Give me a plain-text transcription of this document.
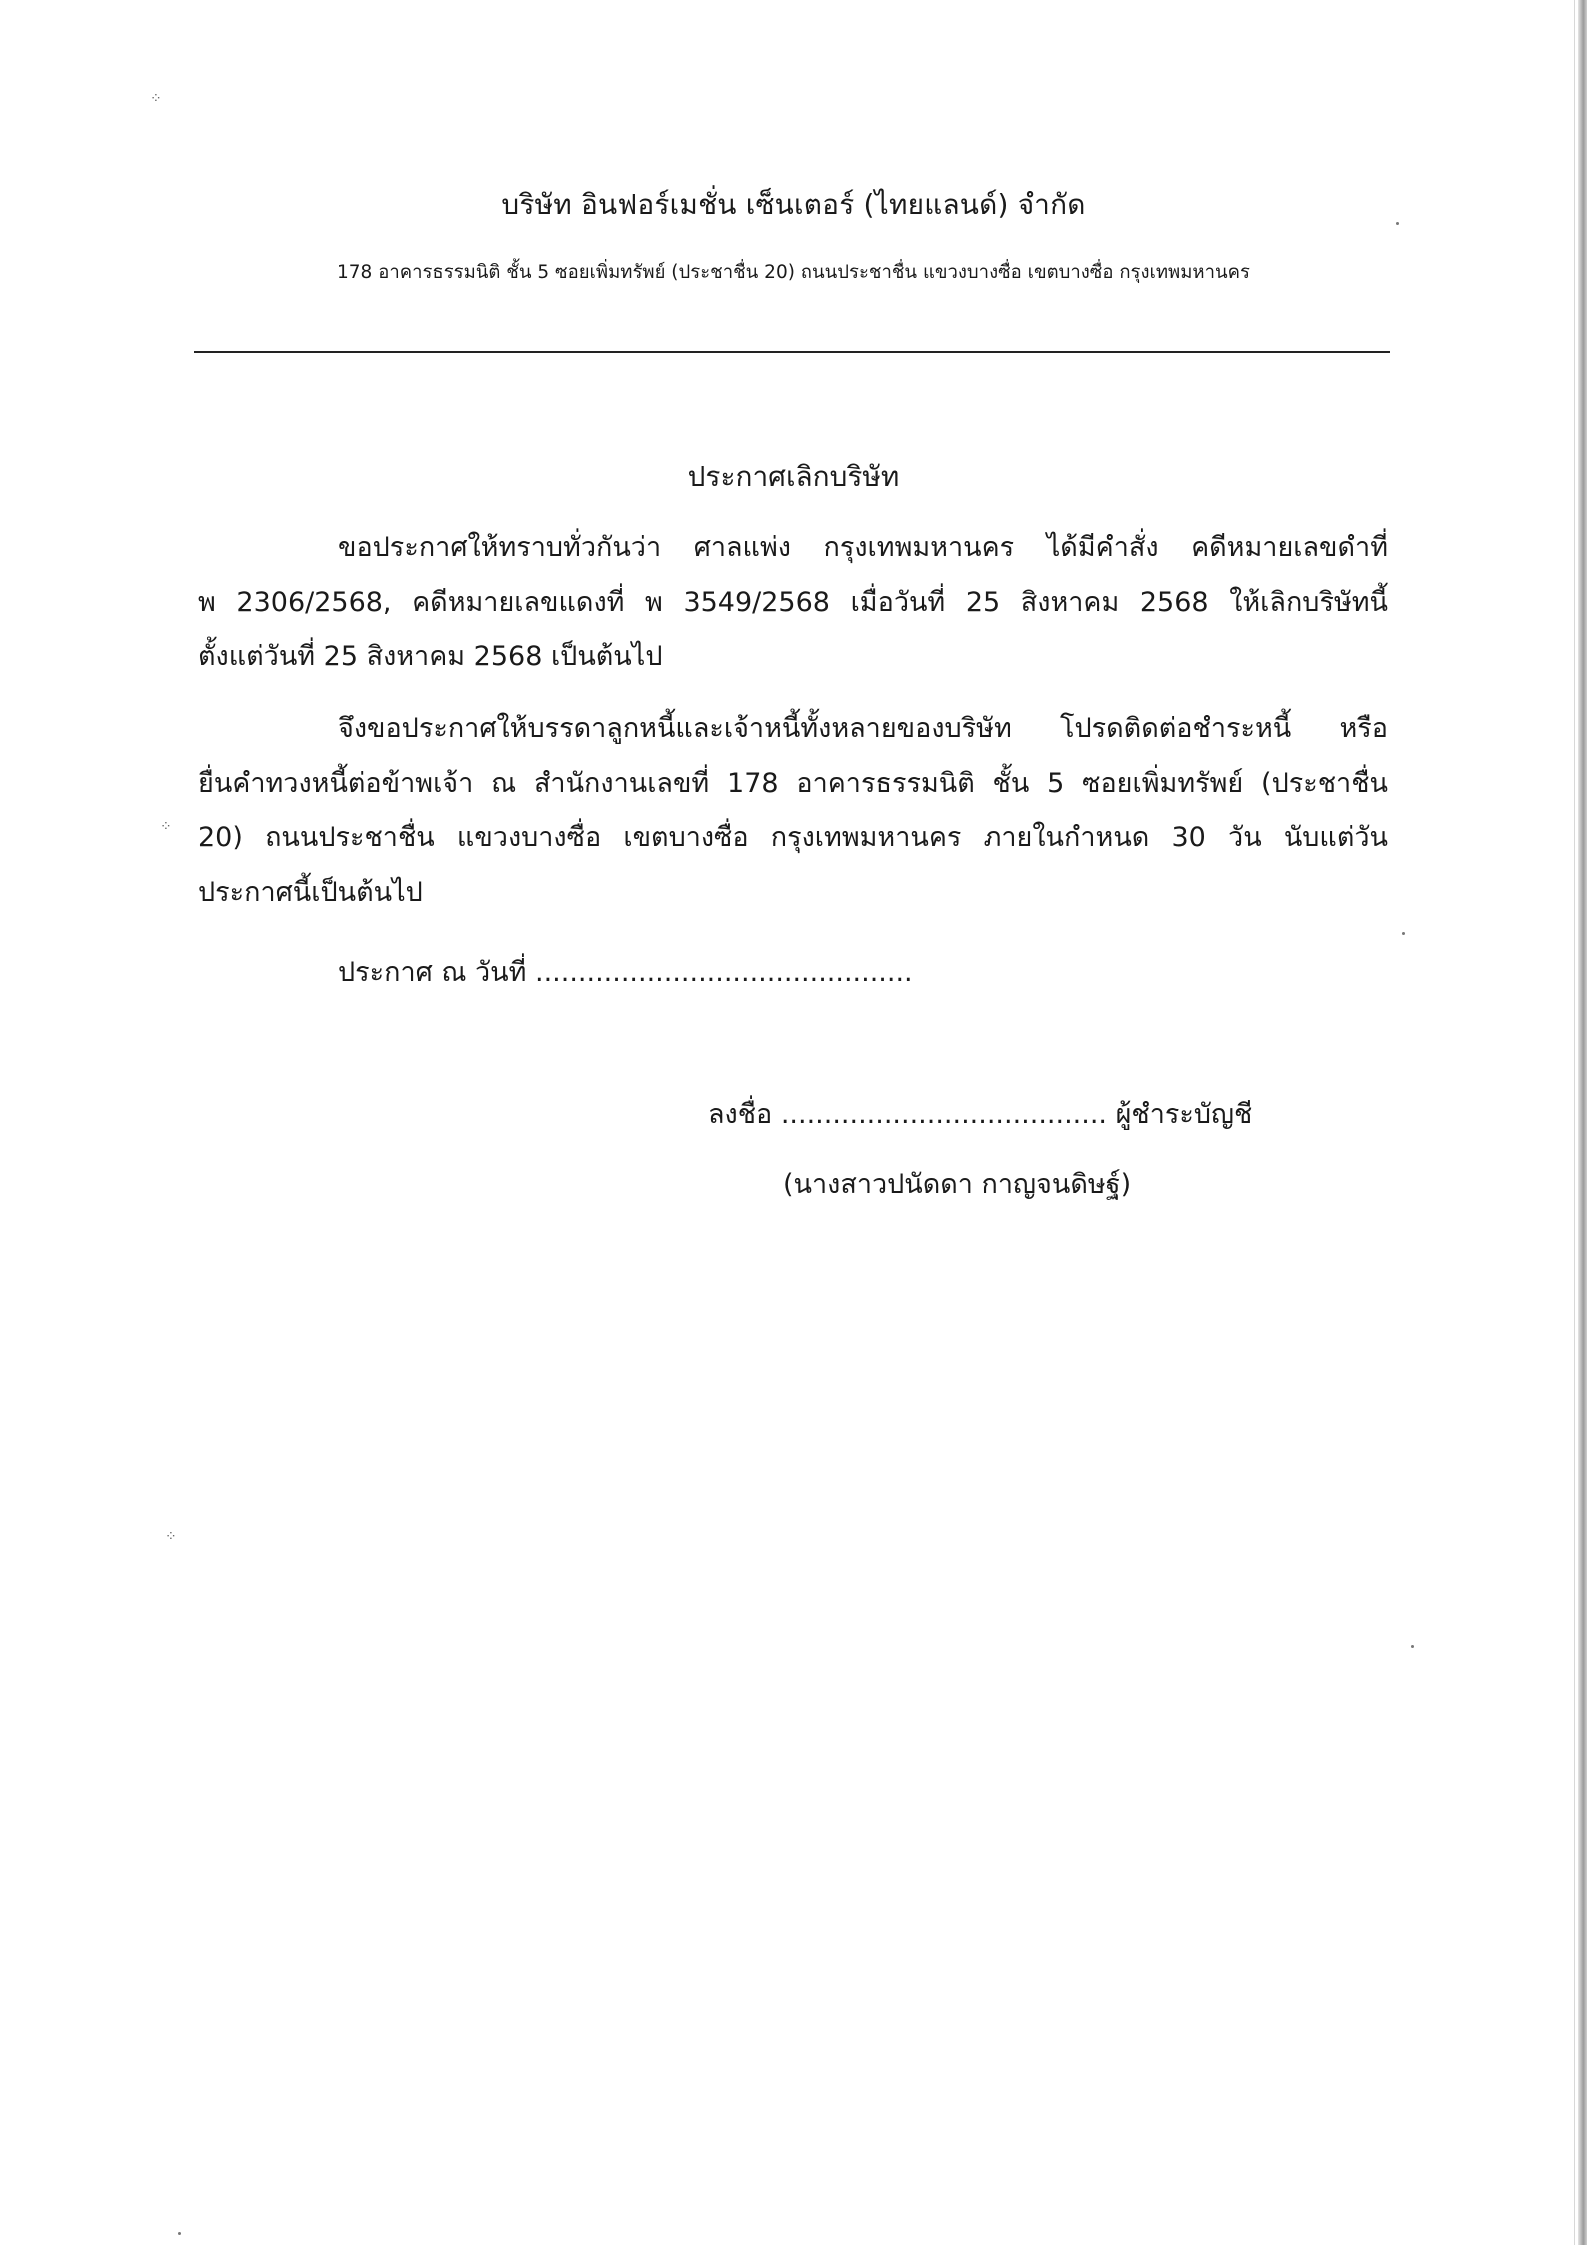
⁘
⁘
⁘
บริษัท อินฟอร์เมชั่น เซ็นเตอร์ (ไทยแลนด์) จำกัด
178 อาคารธรรมนิติ ชั้น 5 ซอยเพิ่มทรัพย์ (ประชาชื่น 20) ถนนประชาชื่น แขวงบางซื่อ เขตบางซื่อ กรุงเทพมหานคร
ประกาศเลิกบริษัท
ขอประกาศให้ทราบทั่วกันว่า ศาลแพ่ง กรุงเทพมหานคร ได้มีคำสั่ง คดีหมายเลขดำที่
พ 2306/2568, คดีหมายเลขแดงที่ พ 3549/2568 เมื่อวันที่ 25 สิงหาคม 2568 ให้เลิกบริษัทนี้
ตั้งแต่วันที่ 25 สิงหาคม 2568 เป็นต้นไป
จึงขอประกาศให้บรรดาลูกหนี้และเจ้าหนี้ทั้งหลายของบริษัท โปรดติดต่อชำระหนี้ หรือ
ยื่นคำทวงหนี้ต่อข้าพเจ้า ณ สำนักงานเลขที่ 178 อาคารธรรมนิติ ชั้น 5 ซอยเพิ่มทรัพย์ (ประชาชื่น
20) ถนนประชาชื่น แขวงบางซื่อ เขตบางซื่อ กรุงเทพมหานคร ภายในกำหนด 30 วัน นับแต่วัน
ประกาศนี้เป็นต้นไป
ประกาศ ณ วันที่ ............................................
ลงชื่อ ...................................... ผู้ชำระบัญชี
(นางสาวปนัดดา กาญจนดิษฐ์)
